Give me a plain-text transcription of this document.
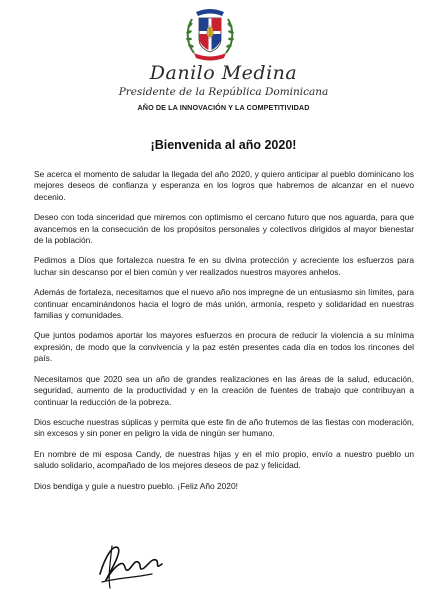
Danilo Medina
Presidente de la República Dominicana
AÑO DE LA INNOVACIÓN Y LA COMPETITIVIDAD
¡Bienvenida al año 2020!

Se acerca el momento de saludar la llegada del año 2020, y quiero anticipar al pueblo dominicano los mejores deseos de confianza y esperanza en los logros que habremos de alcanzar en el nuevo decenio.

Deseo con toda sinceridad que miremos con optimismo el cercano futuro que nos aguarda, para que avancemos en la consecución de los propósitos personales y colectivos dirigidos al mayor bienestar de la población.

Pedimos a Dios que fortalezca nuestra fe en su divina protección y acreciente los esfuerzos para luchar sin descanso por el bien común y ver realizados nuestros mayores anhelos.

Además de fortaleza, necesitamos que el nuevo año nos impregne de un entusiasmo sin límites, para continuar encaminándonos hacia el logro de más unión, armonía, respeto y solidaridad en nuestras familias y comunidades.

Que juntos podamos aportar los mayores esfuerzos en procura de reducir la violencia a su mínima expresión, de modo que la convivencia y la paz estén presentes cada día en todos los rincones del país.

Necesitamos que 2020 sea un año de grandes realizaciones en las áreas de la salud, educación, seguridad, aumento de la productividad y en la creación de fuentes de trabajo que contribuyan a continuar la reducción de la pobreza.

Dios escuche nuestras súplicas y permita que este fin de año frutemos de las fiestas con moderación, sin excesos y sin poner en peligro la vida de ningún ser humano.

En nombre de mi esposa Candy, de nuestras hijas y en el mío propio, envío a nuestro pueblo un saludo solidario, acompañado de los mejores deseos de paz y felicidad.

Dios bendiga y guíe a nuestro pueblo. ¡Feliz Año 2020!
